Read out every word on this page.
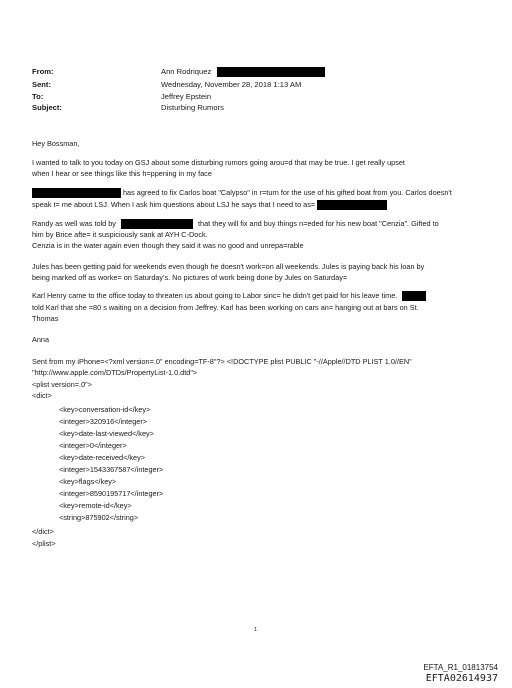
From:	Ann Rodriquez
Sent:	Wednesday, November 28, 2018 1:13 AM
To:	Jeffrey Epstein
Subject:	Disturbing Rumors
Hey Bossman,
I wanted to talk to you today on GSJ about some disturbing rumors going arou=d that may be true. I get really upset
when I hear or see things like this h=ppening in my face
has agreed to fix Carlos boat "Calypso" in r=turn for the use of his gifted boat from you. Carlos doesn't
speak t= me about LSJ. When I ask him questions about LSJ he says that I need to as=
Randy as well was told by	that they will fix and buy things n=eded for his new boat "Cenzia". Gifted to
him by Brice afte= it suspiciously sank at AYH C-Dock.
Cenzia is in the water again even though they said it was no good and unrepa=rable
Jules has been getting paid for weekends even though he doesn't work=on all weekends. Jules is paying back his loan by
being marked off as worke= on Saturday's. No pictures of work being done by Jules on Saturday=
Karl Henry came to the office today to threaten us about going to Labor sinc= he didn't get paid for his leave time.
told Karl that she =80 s waiting on a decision from Jeffrey. Karl has been working on cars an= hanging out at bars on St.
Thomas
Anna
Sent from my iPhone=<?xml version=.0" encoding=TF-8"?> <!DOCTYPE plist PUBLIC "-//Apple//DTD PLIST 1.0//EN"
"http://www.apple.com/DTDs/PropertyList-1.0.dtd">
<plist version=.0">
<dict>
<key>conversation-id</key>
<integer>320916</integer>
<key>date-last-viewed</key>
<integer>0</integer>
<key>date-received</key>
<integer>1543367587</integer>
<key>flags</key>
<integer>8590195717</integer>
<key>remote-id</key>
<string>875902</string>
</dict>
</plist>
1
EFTA_R1_01813754
EFTA02614937
